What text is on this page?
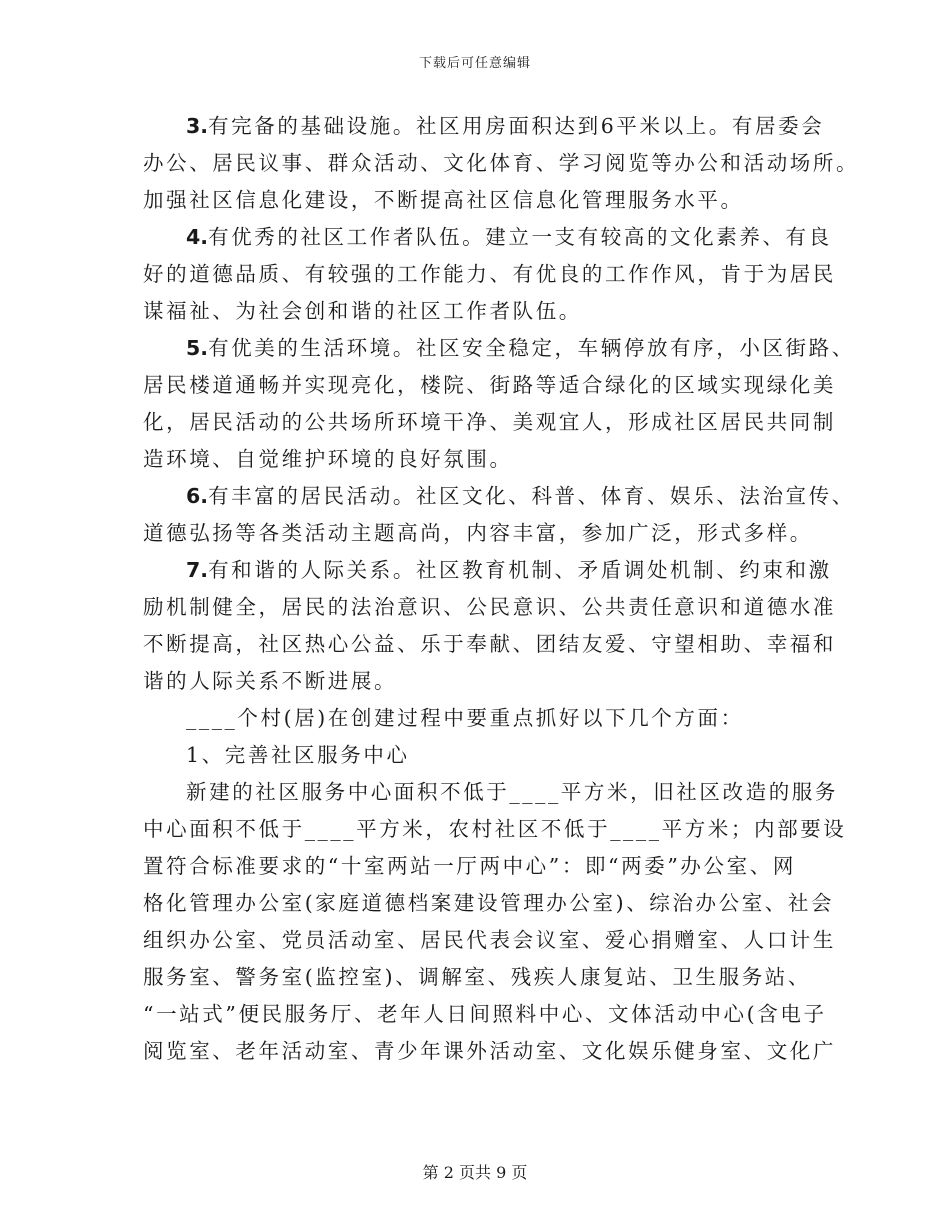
下载后可任意编辑
3.有完备的基础设施。社区用房面积达到6平米以上。有居委会
办公、居民议事、群众活动、文化体育、学习阅览等办公和活动场所。
加强社区信息化建设，不断提高社区信息化管理服务水平。
4.有优秀的社区工作者队伍。建立一支有较高的文化素养、有良
好的道德品质、有较强的工作能力、有优良的工作作风，肯于为居民
谋福祉、为社会创和谐的社区工作者队伍。
5.有优美的生活环境。社区安全稳定，车辆停放有序，小区街路、
居民楼道通畅并实现亮化，楼院、街路等适合绿化的区域实现绿化美
化，居民活动的公共场所环境干净、美观宜人，形成社区居民共同制
造环境、自觉维护环境的良好氛围。
6.有丰富的居民活动。社区文化、科普、体育、娱乐、法治宣传、
道德弘扬等各类活动主题高尚，内容丰富，参加广泛，形式多样。
7.有和谐的人际关系。社区教育机制、矛盾调处机制、约束和激
励机制健全，居民的法治意识、公民意识、公共责任意识和道德水准
不断提高，社区热心公益、乐于奉献、团结友爱、守望相助、幸福和
谐的人际关系不断进展。
____个村(居)在创建过程中要重点抓好以下几个方面：
1、完善社区服务中心
新建的社区服务中心面积不低于____平方米，旧社区改造的服务
中心面积不低于____平方米，农村社区不低于____平方米；内部要设
置符合标准要求的“十室两站一厅两中心”：即“两委”办公室、网
格化管理办公室(家庭道德档案建设管理办公室)、综治办公室、社会
组织办公室、党员活动室、居民代表会议室、爱心捐赠室、人口计生
服务室、警务室(监控室)、调解室、残疾人康复站、卫生服务站、
“一站式”便民服务厅、老年人日间照料中心、文体活动中心(含电子
阅览室、老年活动室、青少年课外活动室、文化娱乐健身室、文化广
第 2 页共 9 页
